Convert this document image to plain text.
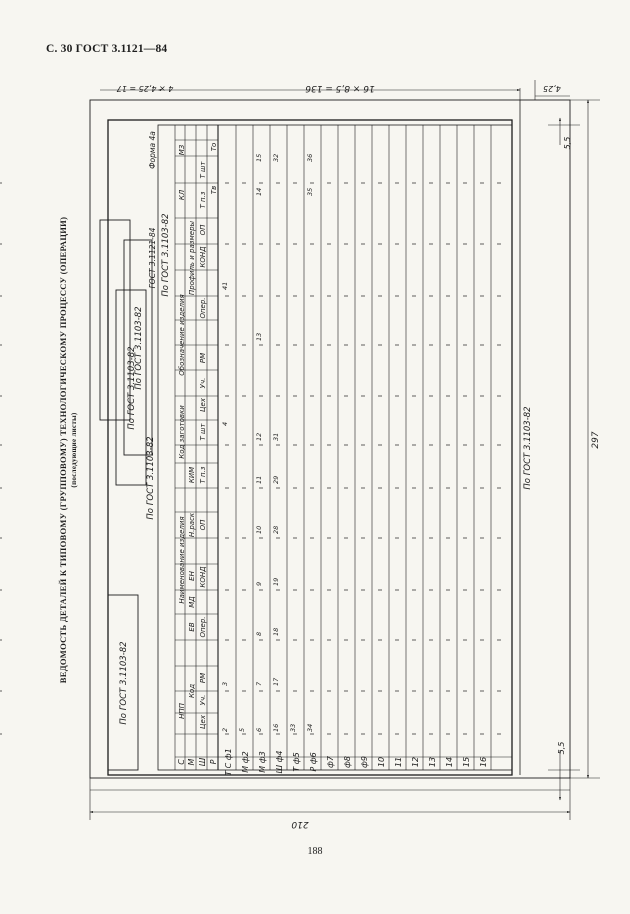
С. 30 ГОСТ 3.1121—84
ВЕДОМОСТЬ ДЕТАЛЕЙ К ТИПОВОМУ (ГРУППОВОМУ) ТЕХНОЛОГИЧЕСКОМУ ПРОЦЕССУ (ОПЕРАЦИИ) (последующие листы)
210
297
16 × 8,5 = 136
4 × 4,25 = 17	4,25
5,5
5,5
По ГОСТ 3.1103-82
По ГОСТ 3.1103-82
По ГОСТ 3.1103-82
По ГОСТ 3.1103-82
По ГОСТ 3.1103-82
По ГОСТ 3.1103-82
ГОСТ 3.1121-84
Форма 4а
НПП
Наименование изделия
Код заготовки
Обозначение изделия
КЛ
МЗ
Код
ЕВ
МД
ЕН
Н.раск
КИМ
Профиль и размеры
Цех
Уч.
РМ
Опер.
КОНД
ОП
Т п.з
Т шт
Цех
Уч.
РМ
Опер.
КОНД
ОП
Т п.з
Т шт
То
Тв
С М Ш Р Т С ф1 М ф2 М ф3 Ш ф4 Т ф5 Р ф6 ф7 ф8 ф9 10 11 12 13 14 15 16
2
3
4
5 6
7
8
9
10
11
12
13
14
15
16
17
18
19
28
29
31
32
33 34
35
36
41
188
